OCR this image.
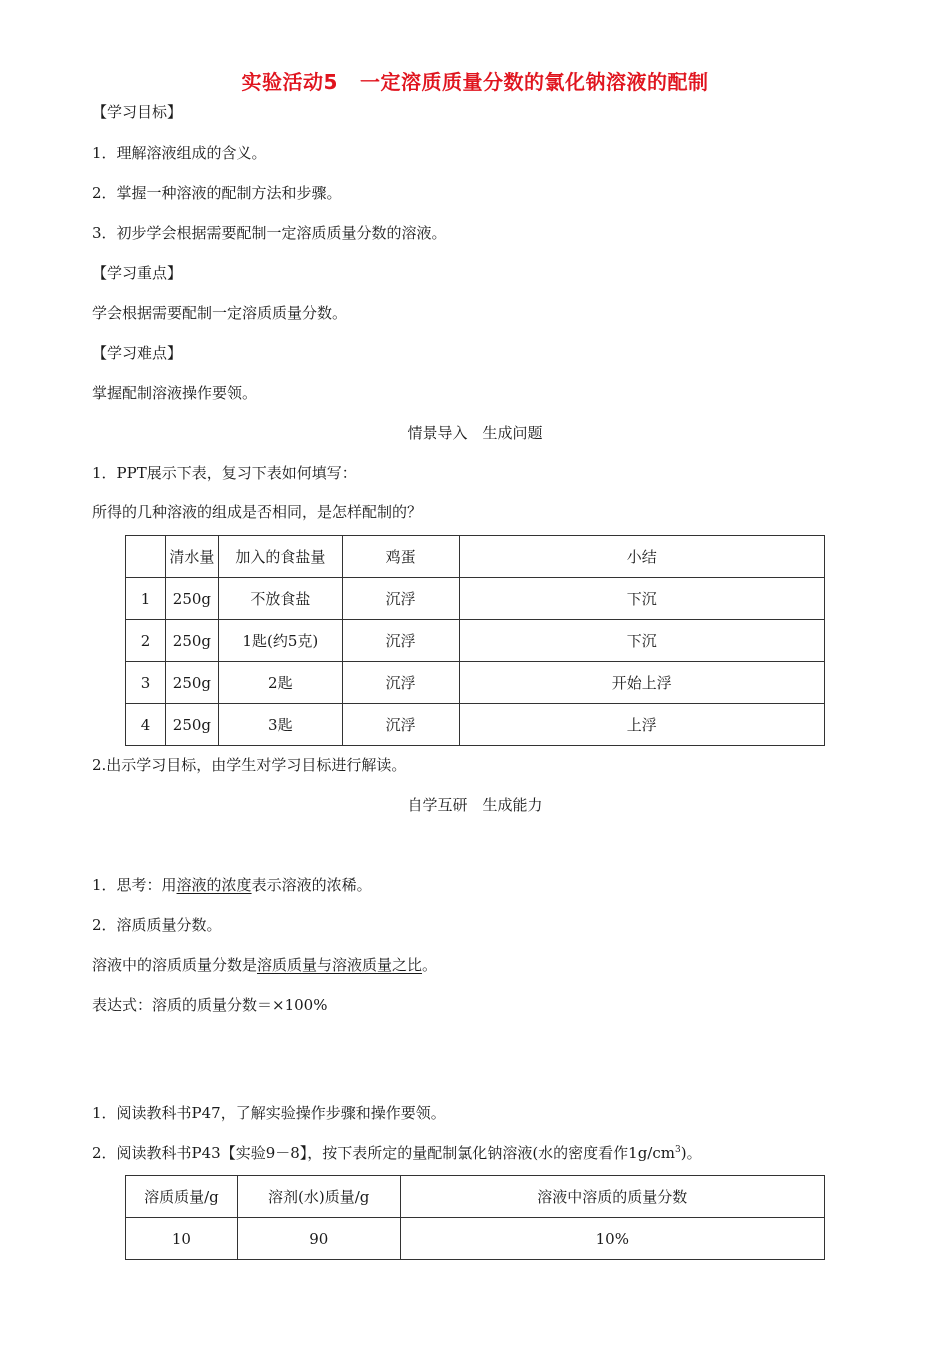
实验活动5 一定溶质质量分数的氯化钠溶液的配制
【学习目标】
1．理解溶液组成的含义。
2．掌握一种溶液的配制方法和步骤。
3．初步学会根据需要配制一定溶质质量分数的溶液。
【学习重点】
学会根据需要配制一定溶质质量分数。
【学习难点】
掌握配制溶液操作要领。
情景导入　生成问题
1．PPT展示下表，复习下表如何填写：
所得的几种溶液的组成是否相同，是怎样配制的？
	清水量	加入的食盐量	鸡蛋	小结
1	250g	不放食盐	沉浮	下沉
2	250g	1匙(约5克)	沉浮	下沉
3	250g	2匙	沉浮	开始上浮
4	250g	3匙	沉浮	上浮
2.出示学习目标，由学生对学习目标进行解读。
自学互研　生成能力
1．思考：用溶液的浓度表示溶液的浓稀。
2．溶质质量分数。
溶液中的溶质质量分数是溶质质量与溶液质量之比。
表达式：溶质的质量分数＝×100%
1．阅读教科书P47，了解实验操作步骤和操作要领。
2．阅读教科书P43【实验9－8】，按下表所定的量配制氯化钠溶液(水的密度看作$1g/cm^3$)。
溶质质量/g	溶剂(水)质量/g	溶液中溶质的质量分数
10	90	10%
